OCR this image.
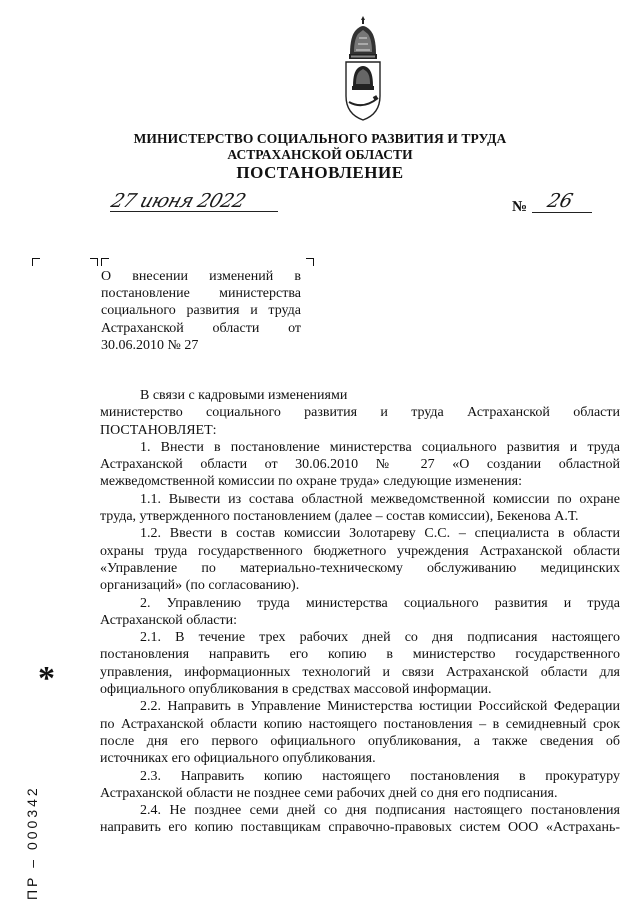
МИНИСТЕРСТВО СОЦИАЛЬНОГО РАЗВИТИЯ И ТРУДА
АСТРАХАНСКОЙ ОБЛАСТИ
ПОСТАНОВЛЕНИЕ
27 июня 2022	№ 26
О внесении изменений в
постановление министерства
социального развития и труда
Астраханской области от
30.06.2010 № 27
В связи с кадровыми изменениями
министерство социального развития и труда Астраханской области
ПОСТАНОВЛЯЕТ:
1. Внести в постановление министерства социального развития и труда
Астраханской области от 30.06.2010 № 27 «О создании областной
межведомственной комиссии по охране труда» следующие изменения:
1.1. Вывести из состава областной межведомственной комиссии по охране
труда, утвержденного постановлением (далее – состав комиссии), Бекенова А.Т.
1.2. Ввести в состав комиссии Золотареву С.С. – специалиста в области
охраны труда государственного бюджетного учреждения Астраханской области
«Управление по материально-техническому обслуживанию медицинских
организаций» (по согласованию).
2. Управлению труда министерства социального развития и труда
Астраханской области:
2.1. В течение трех рабочих дней со дня подписания настоящего
постановления направить его копию в министерство государственного
управления, информационных технологий и связи Астраханской области для
официального опубликования в средствах массовой информации.
2.2. Направить в Управление Министерства юстиции Российской Федерации
по Астраханской области копию настоящего постановления – в семидневный срок
после дня его первого официального опубликования, а также сведения об
источниках его официального опубликования.
2.3. Направить копию настоящего постановления в прокуратуру
Астраханской области не позднее семи рабочих дней со дня его подписания.
2.4. Не позднее семи дней со дня подписания настоящего постановления
направить его копию поставщикам справочно-правовых систем ООО «Астрахань-
*
ПР – 000342
